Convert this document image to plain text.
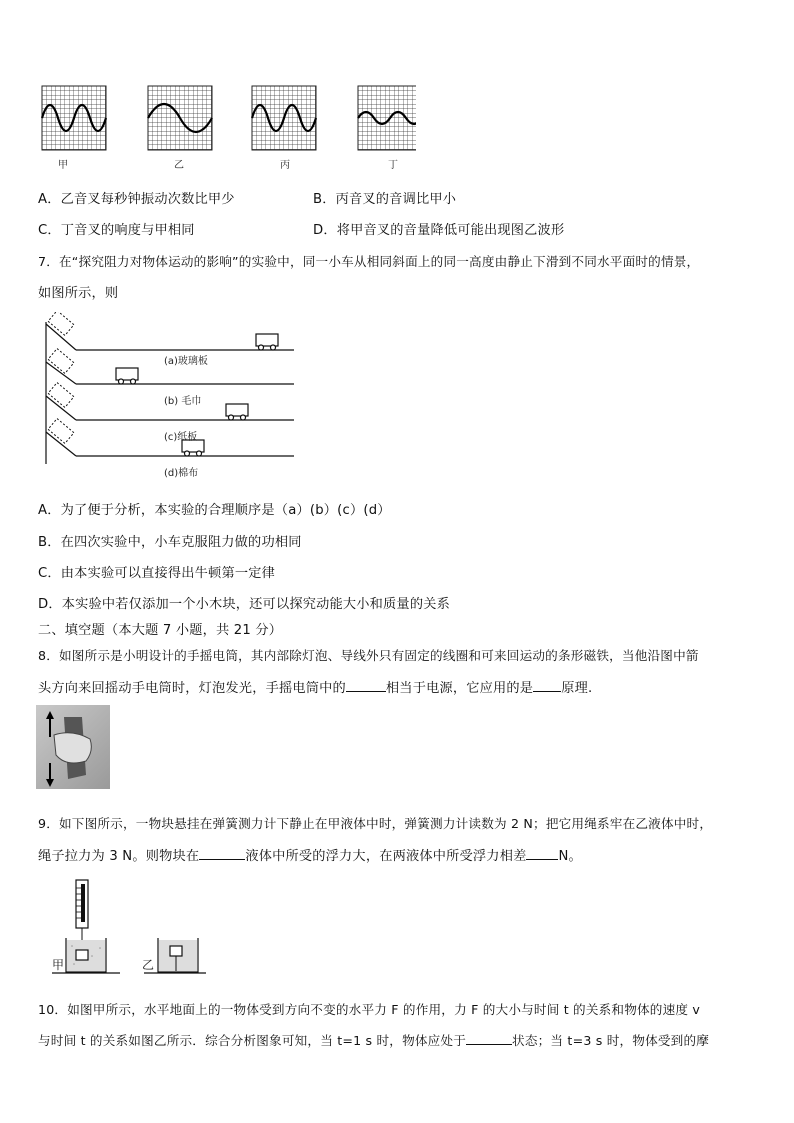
甲	乙	丙	丁
A．乙音叉每秒钟振动次数比甲少	B．丙音叉的音调比甲小
C．丁音叉的响度与甲相同	D．将甲音叉的音量降低可能出现图乙波形
7．在“探究阻力对物体运动的影响”的实验中，同一小车从相同斜面上的同一高度由静止下滑到不同水平面时的情景，
如图所示，则
(a)玻璃板
(b) 毛巾
(c)纸板
(d)棉布
A．为了便于分析，本实验的合理顺序是（a）(b）(c）(d）
B．在四次实验中，小车克服阻力做的功相同
C．由本实验可以直接得出牛顿第一定律
D．本实验中若仅添加一个小木块，还可以探究动能大小和质量的关系
二、填空题（本大题 7 小题，共 21 分）
8．如图所示是小明设计的手摇电筒，其内部除灯泡、导线外只有固定的线圈和可来回运动的条形磁铁，当他沿图中箭
头方向来回摇动手电筒时，灯泡发光，手摇电筒中的	相当于电源，它应用的是 原理.
9．如下图所示，一物块悬挂在弹簧测力计下静止在甲液体中时，弹簧测力计读数为 2 N；把它用绳系牢在乙液体中时，
绳子拉力为 3 N。则物块在	液体中所受的浮力大，在两液体中所受浮力相差 N。
甲	乙
10．如图甲所示，水平地面上的一物体受到方向不变的水平力 F 的作用，力 F 的大小与时间 t 的关系和物体的速度 v
与时间 t 的关系如图乙所示．综合分析图象可知，当 t=1 s 时，物体应处于	状态；当 t=3 s 时，物体受到的摩
